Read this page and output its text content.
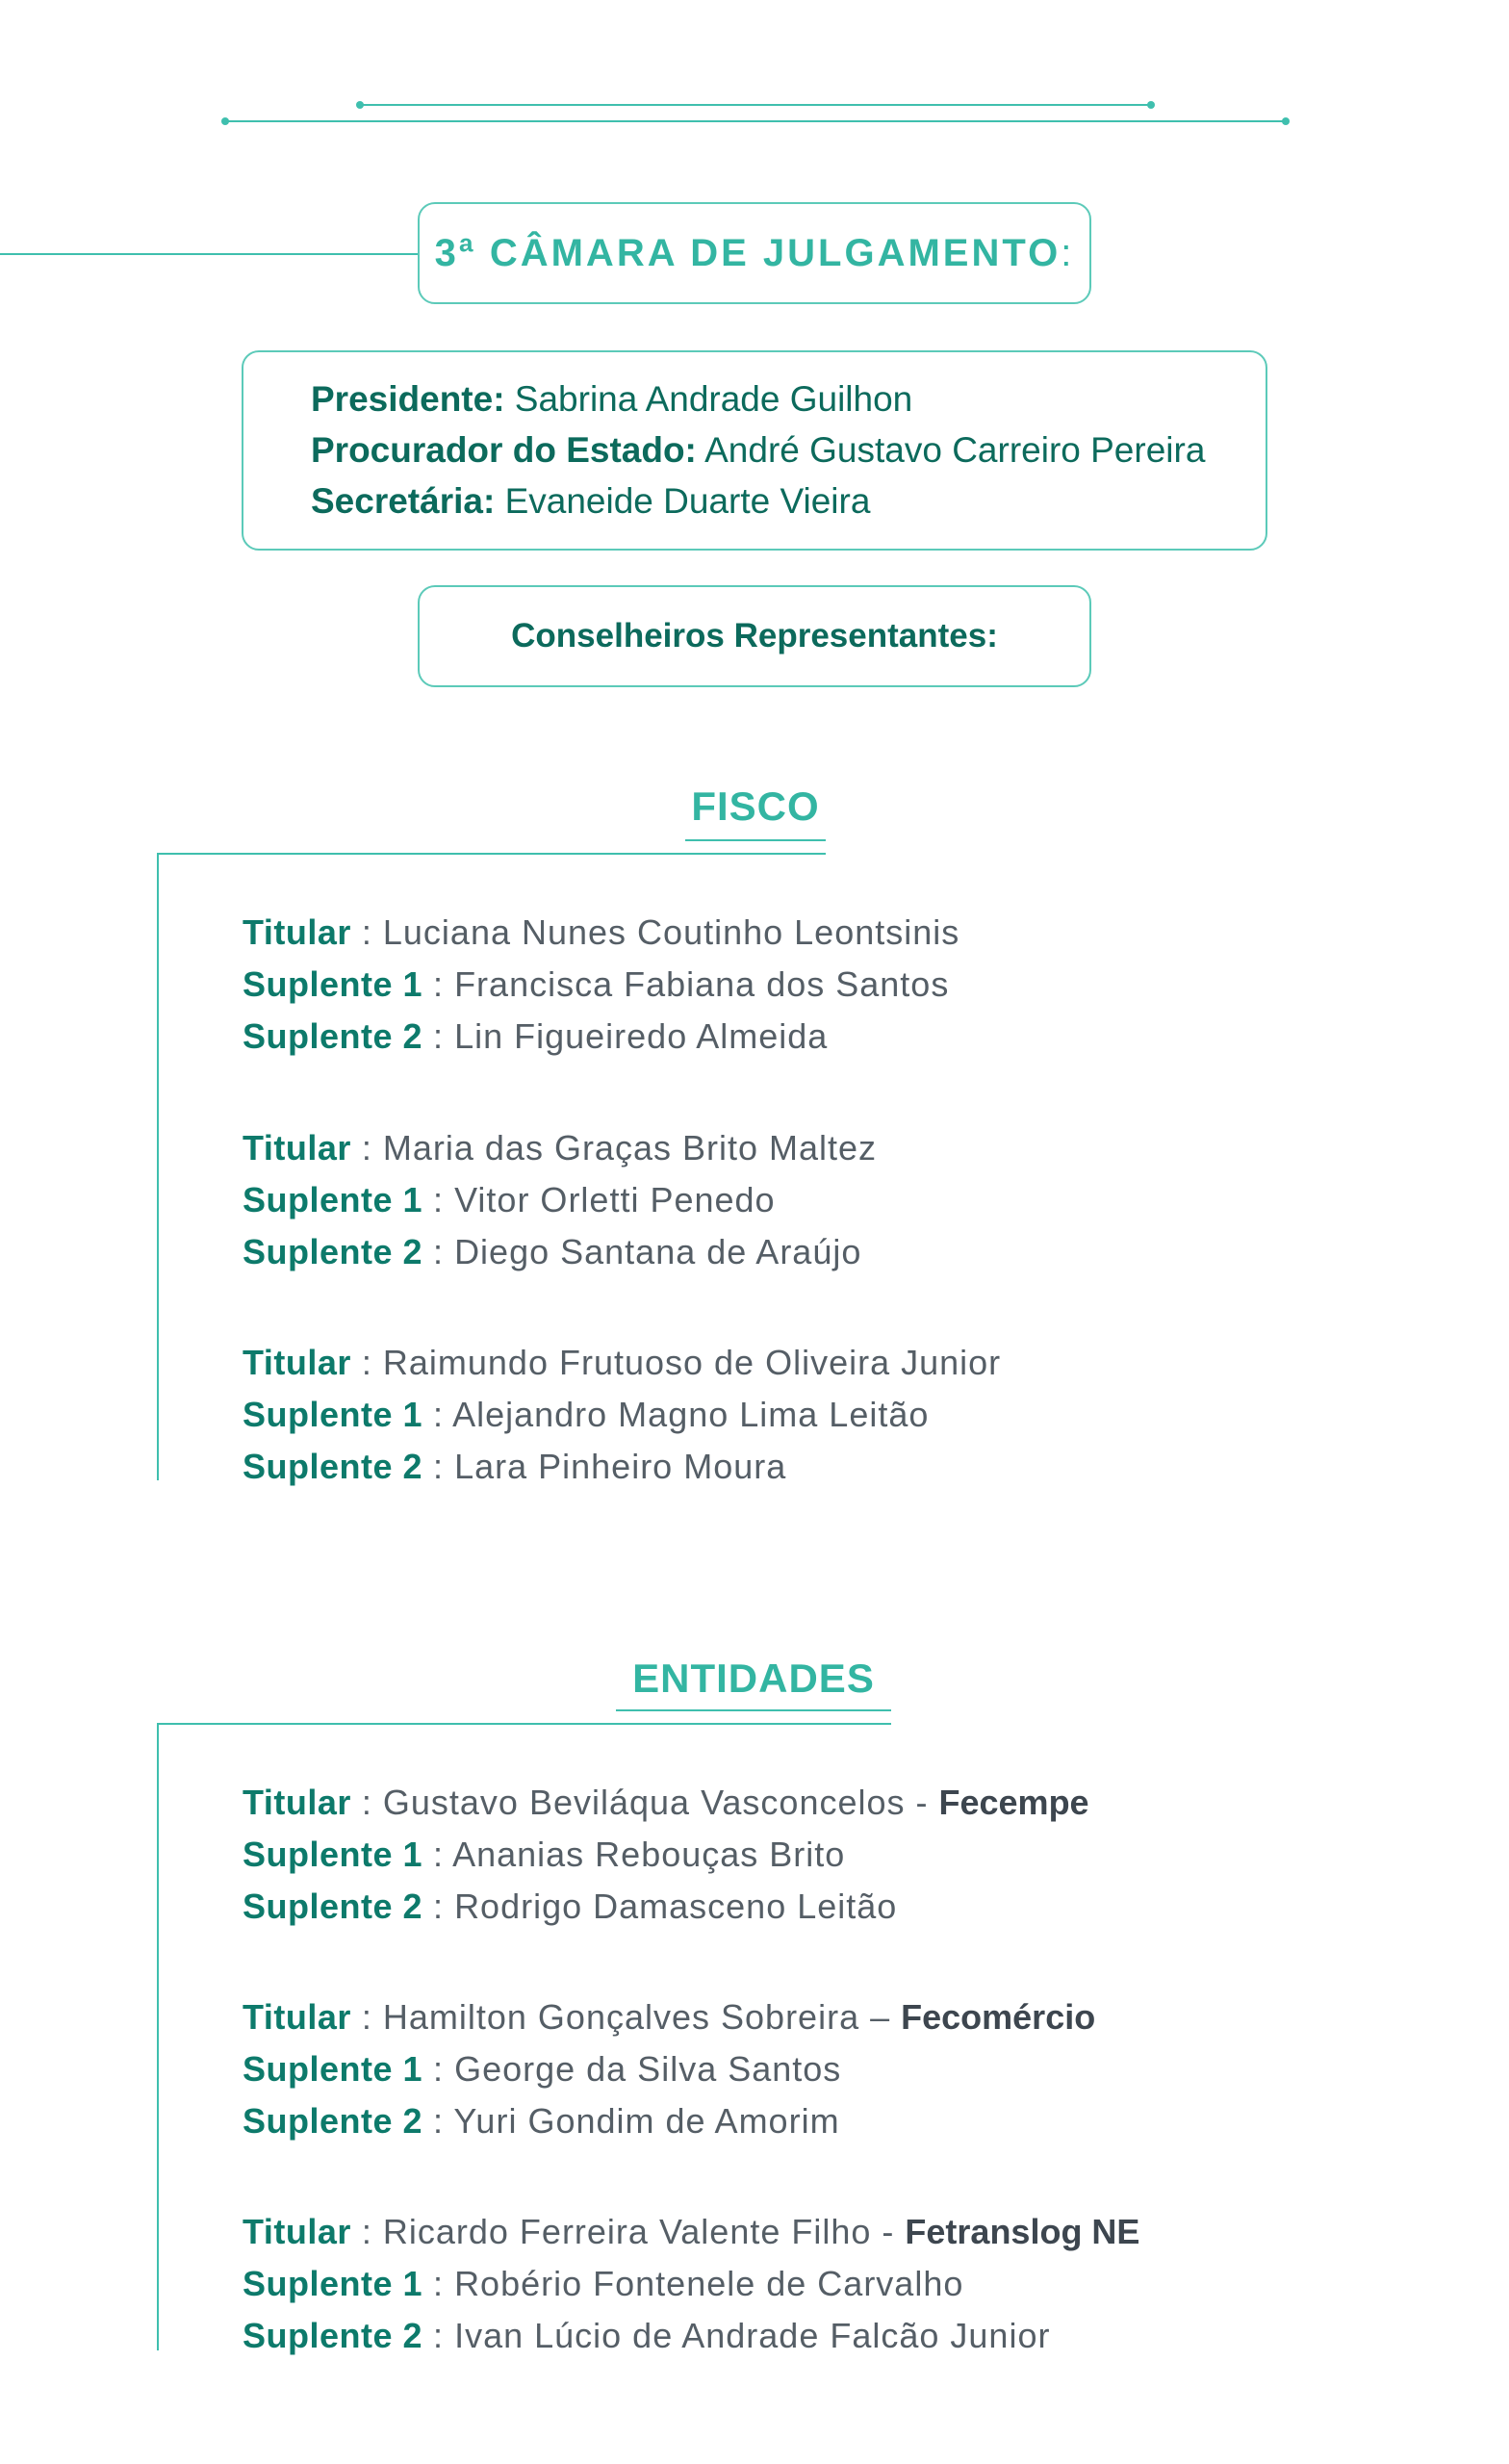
3ª CÂMARA DE JULGAMENTO:
Presidente: Sabrina Andrade Guilhon
Procurador do Estado: André Gustavo Carreiro Pereira
Secretária: Evaneide Duarte Vieira
Conselheiros Representantes:
FISCO
Titular : Luciana Nunes Coutinho Leontsinis
Suplente 1 : Francisca Fabiana dos Santos
Suplente 2 : Lin Figueiredo Almeida
Titular : Maria das Graças Brito Maltez
Suplente 1 : Vitor Orletti Penedo
Suplente 2 : Diego Santana de Araújo
Titular : Raimundo Frutuoso de Oliveira Junior
Suplente 1 : Alejandro Magno Lima Leitão
Suplente 2 : Lara Pinheiro Moura
ENTIDADES
Titular : Gustavo Beviláqua Vasconcelos - Fecempe
Suplente 1 : Ananias Rebouças Brito
Suplente 2 : Rodrigo Damasceno Leitão
Titular : Hamilton Gonçalves Sobreira – Fecomércio
Suplente 1 : George da Silva Santos
Suplente 2 : Yuri Gondim de Amorim
Titular : Ricardo Ferreira Valente Filho - Fetranslog NE
Suplente 1 : Robério Fontenele de Carvalho
Suplente 2 : Ivan Lúcio de Andrade Falcão Junior
